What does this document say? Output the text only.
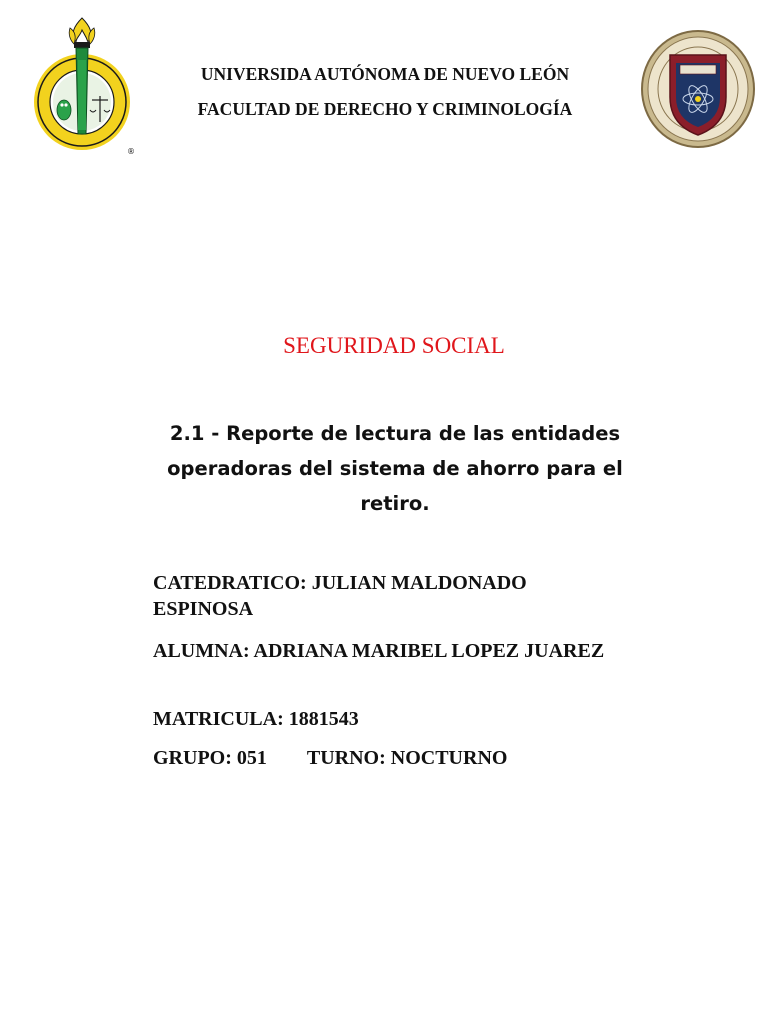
®
UNIVERSIDA AUTÓNOMA DE NUEVO LEÓN
FACULTAD DE DERECHO Y CRIMINOLOGÍA
SEGURIDAD SOCIAL
2.1 - Reporte de lectura de las entidades operadoras del sistema de ahorro para el retiro.
CATEDRATICO: JULIAN MALDONADO ESPINOSA
ALUMNA: ADRIANA MARIBEL LOPEZ JUAREZ
MATRICULA: 1881543
GRUPO: 051 TURNO: NOCTURNO
